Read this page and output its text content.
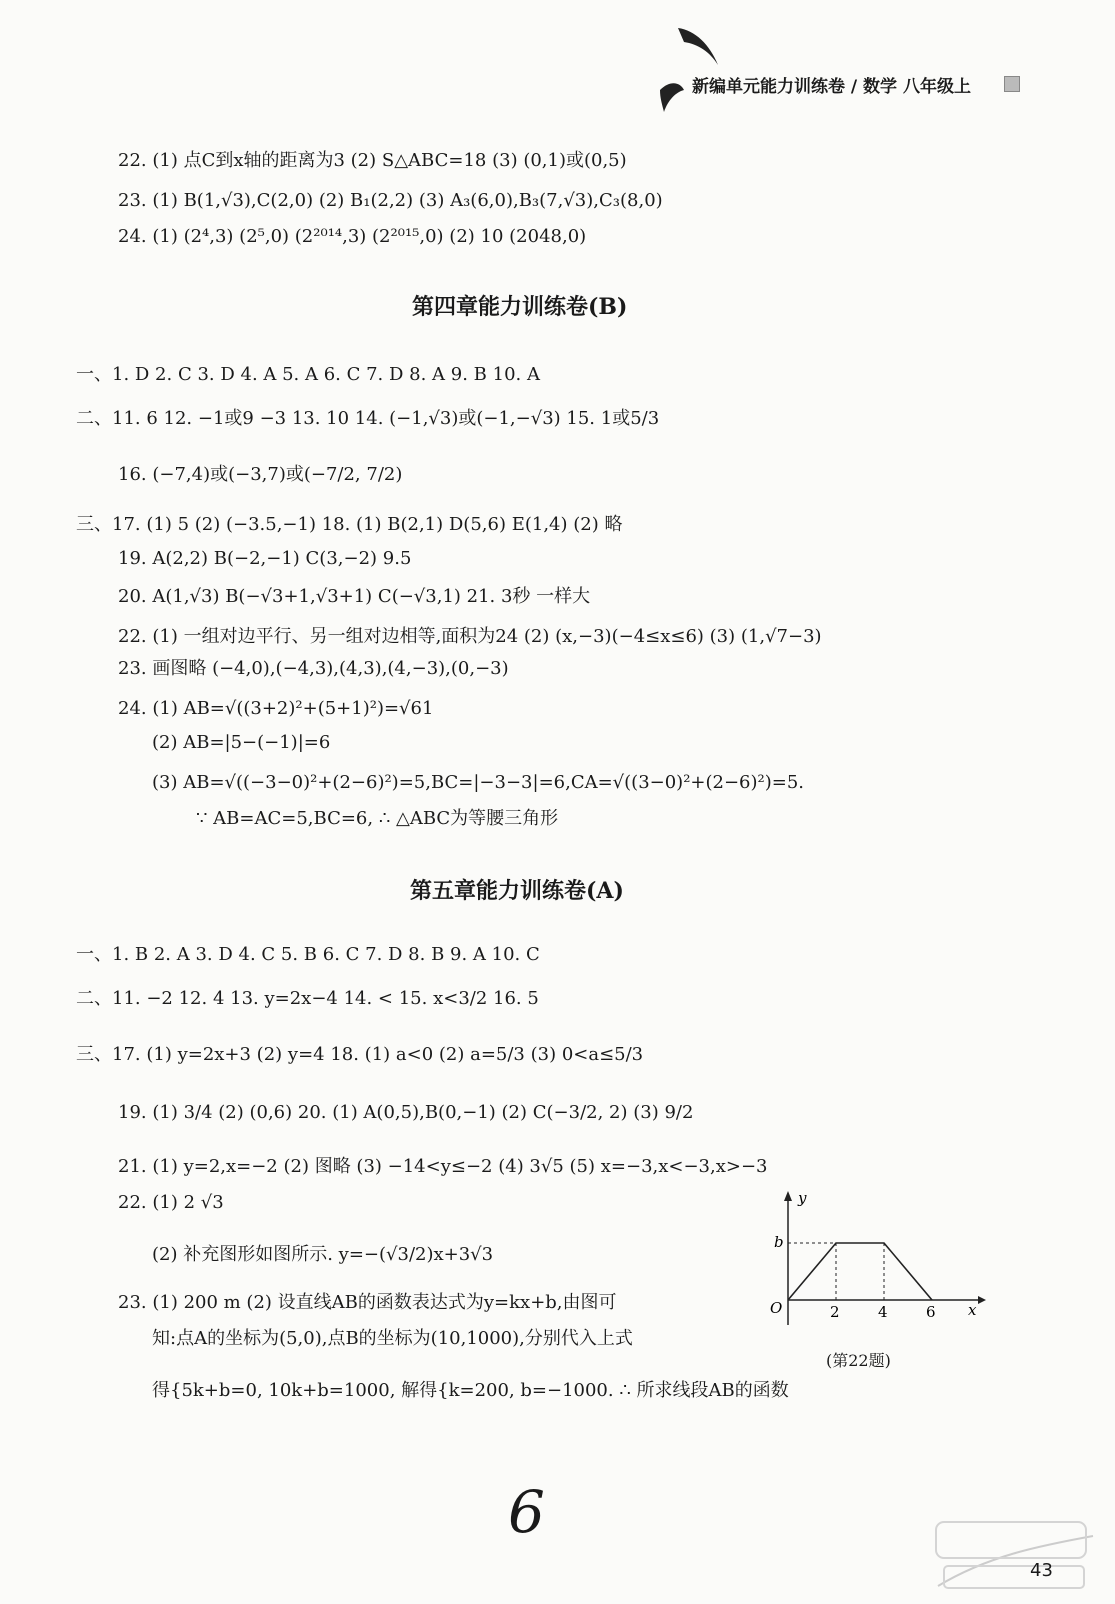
新编单元能力训练卷 / 数学 八年级上
22. (1) 点C到x轴的距离为3 (2) S△ABC=18 (3) (0,1)或(0,5)
23. (1) B(1,√3),C(2,0) (2) B₁(2,2) (3) A₃(6,0),B₃(7,√3),C₃(8,0)
24. (1) (2⁴,3) (2⁵,0) (2²⁰¹⁴,3) (2²⁰¹⁵,0) (2) 10 (2048,0)
第四章能力训练卷(B)
一、1. D 2. C 3. D 4. A 5. A 6. C 7. D 8. A 9. B 10. A
二、11. 6 12. −1或9 −3 13. 10 14. (−1,√3)或(−1,−√3) 15. 1或5/3
16. (−7,4)或(−3,7)或(−7/2, 7/2)
三、17. (1) 5 (2) (−3.5,−1) 18. (1) B(2,1) D(5,6) E(1,4) (2) 略
19. A(2,2) B(−2,−1) C(3,−2) 9.5
20. A(1,√3) B(−√3+1,√3+1) C(−√3,1) 21. 3秒 一样大
22. (1) 一组对边平行、另一组对边相等,面积为24 (2) (x,−3)(−4≤x≤6) (3) (1,√7−3)
23. 画图略 (−4,0),(−4,3),(4,3),(4,−3),(0,−3)
24. (1) AB=√((3+2)²+(5+1)²)=√61
(2) AB=|5−(−1)|=6
(3) AB=√((−3−0)²+(2−6)²)=5,BC=|−3−3|=6,CA=√((3−0)²+(2−6)²)=5.
∵ AB=AC=5,BC=6, ∴ △ABC为等腰三角形
第五章能力训练卷(A)
一、1. B 2. A 3. D 4. C 5. B 6. C 7. D 8. B 9. A 10. C
二、11. −2 12. 4 13. y=2x−4 14. < 15. x<3/2 16. 5
三、17. (1) y=2x+3 (2) y=4 18. (1) a<0 (2) a=5/3 (3) 0<a≤5/3
19. (1) 3/4 (2) (0,6) 20. (1) A(0,5),B(0,−1) (2) C(−3/2, 2) (3) 9/2
21. (1) y=2,x=−2 (2) 图略 (3) −14<y≤−2 (4) 3√5 (5) x=−3,x<−3,x>−3
22. (1) 2 √3
(2) 补充图形如图所示. y=−(√3/2)x+3√3
23. (1) 200 m (2) 设直线AB的函数表达式为y=kx+b,由图可
知:点A的坐标为(5,0),点B的坐标为(10,1000),分别代入上式
得{5k+b=0, 10k+b=1000, 解得{k=200, b=−1000. ∴ 所求线段AB的函数
y
x
O
b
2	4	6
(第22题)
6
43
